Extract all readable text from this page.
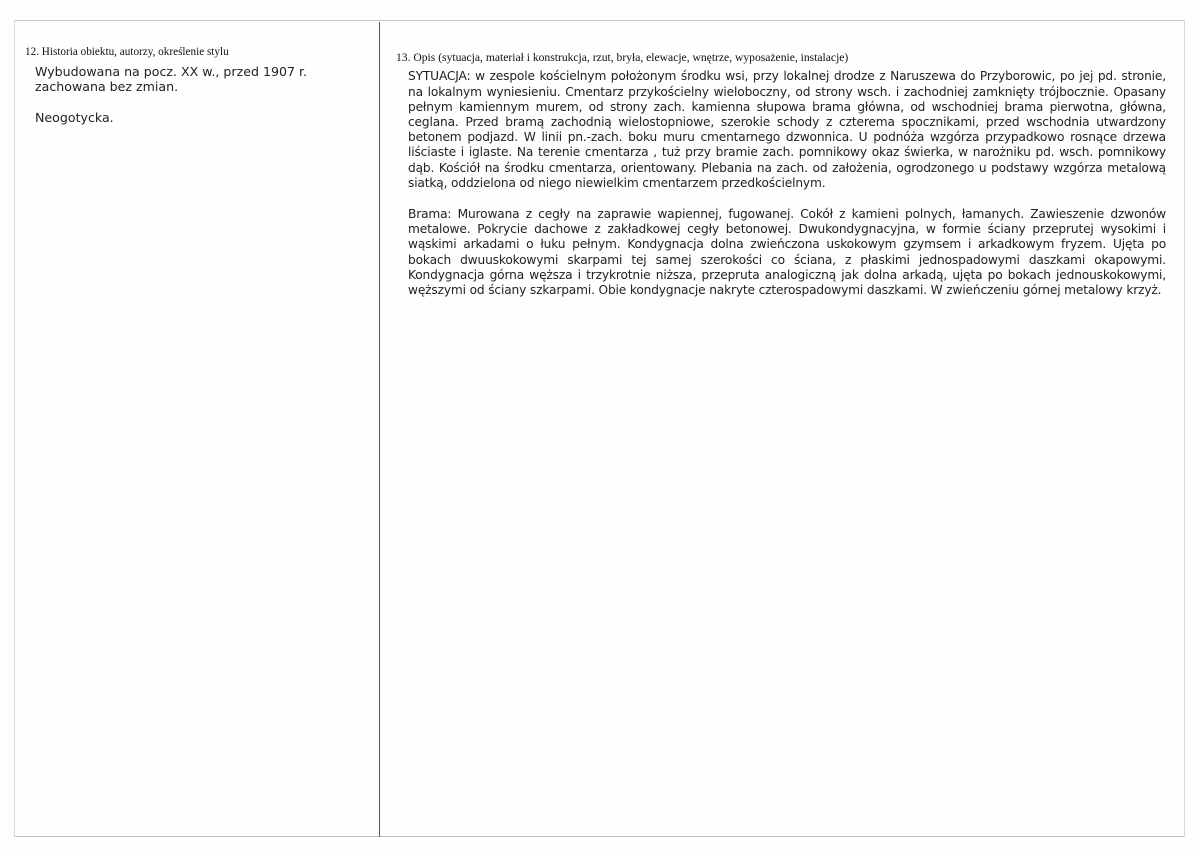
12. Historia obiektu, autorzy, określenie stylu

Wybudowana na pocz. XX w., przed 1907 r. zachowana bez zmian.

Neogotycka.

13. Opis (sytuacja, materiał i konstrukcja, rzut, bryła, elewacje, wnętrze, wyposażenie, instalacje)

SYTUACJA: w zespole kościelnym położonym środku wsi, przy lokalnej drodze z Naruszewa do Przyborowic, po jej pd. stronie, na lokalnym wyniesieniu. Cmentarz przykościelny wieloboczny, od strony wsch. i zachodniej zamknięty trójbocznie. Opasany pełnym kamiennym murem, od strony zach. kamienna słupowa brama główna, od wschodniej brama pierwotna, główna, ceglana. Przed bramą zachodnią wielostopniowe, szerokie schody z czterema spocznikami, przed wschodnia utwardzony betonem podjazd. W linii pn.-zach. boku muru cmentarnego dzwonnica. U podnóża wzgórza przypadkowo rosnące drzewa liściaste i iglaste. Na terenie cmentarza , tuż przy bramie zach. pomnikowy okaz świerka, w narożniku pd. wsch. pomnikowy dąb. Kościół na środku cmentarza, orientowany. Plebania na zach. od założenia, ogrodzonego u podstawy wzgórza metalową siatką, oddzielona od niego niewielkim cmentarzem przedkościelnym.

Brama: Murowana z cegły na zaprawie wapiennej, fugowanej. Cokół z kamieni polnych, łamanych. Zawieszenie dzwonów metalowe. Pokrycie dachowe z zakładkowej cegły betonowej. Dwukondygnacyjna, w formie ściany przeprutej wysokimi i wąskimi arkadami o łuku pełnym. Kondygnacja dolna zwieńczona uskokowym gzymsem i arkadkowym fryzem. Ujęta po bokach dwuuskokowymi skarpami tej samej szerokości co ściana, z płaskimi jednospadowymi daszkami okapowymi. Kondygnacja górna węższa i trzykrotnie niższa, przepruta analogiczną jak dolna arkadą, ujęta po bokach jednouskokowymi, węższymi od ściany szkarpami. Obie kondygnacje nakryte czterospadowymi daszkami. W zwieńczeniu górnej metalowy krzyż.
